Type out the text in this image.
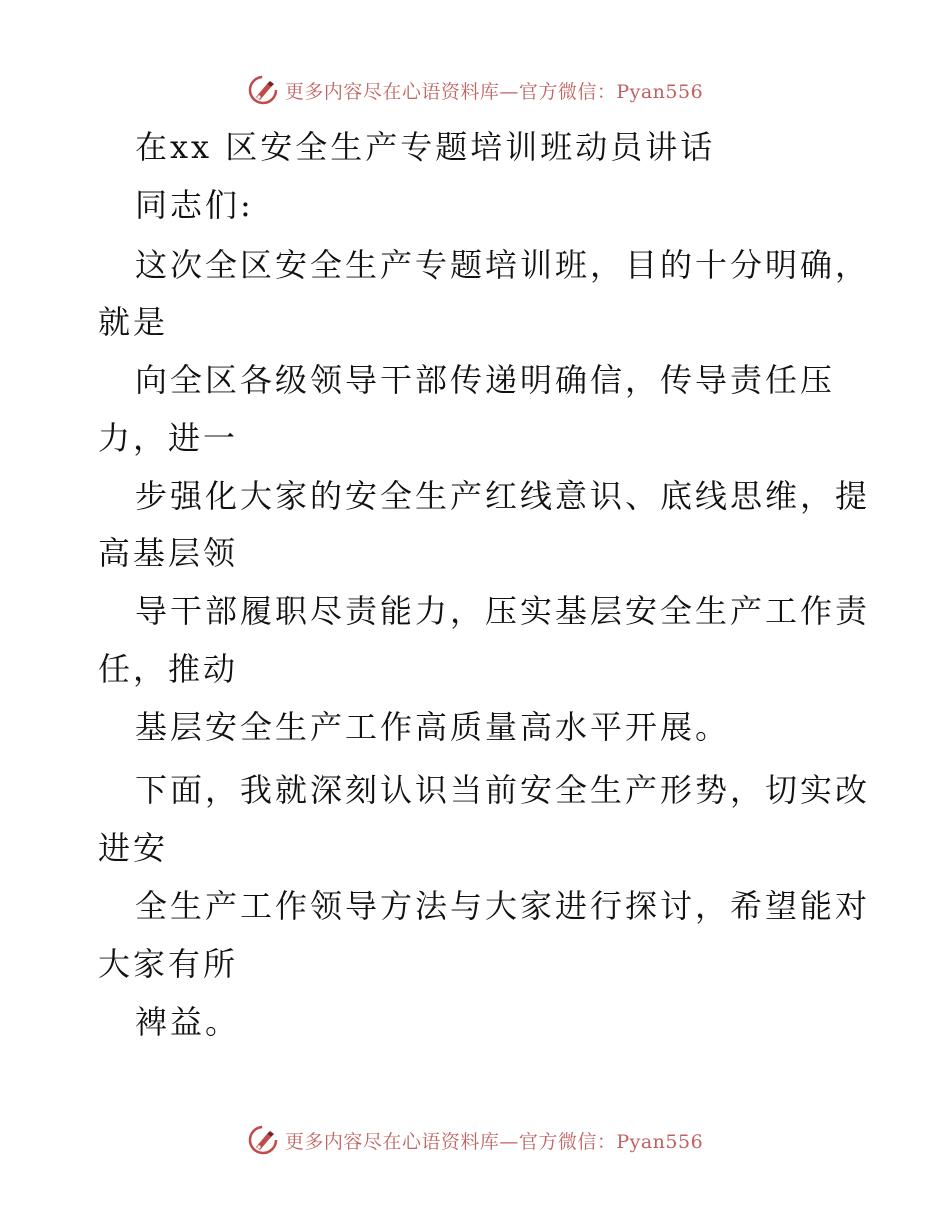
更多内容尽在心语资料库—官方微信：Pyan556
在xx 区安全生产专题培训班动员讲话
同志们:
这次全区安全生产专题培训班，目的十分明确，
就是
向全区各级领导干部传递明确信，传导责任压
力，进一
步强化大家的安全生产红线意识、底线思维，提
高基层领
导干部履职尽责能力，压实基层安全生产工作责
任，推动
基层安全生产工作高质量高水平开展。
下面，我就深刻认识当前安全生产形势，切实改
进安
全生产工作领导方法与大家进行探讨，希望能对
大家有所
裨益。
更多内容尽在心语资料库—官方微信：Pyan556
